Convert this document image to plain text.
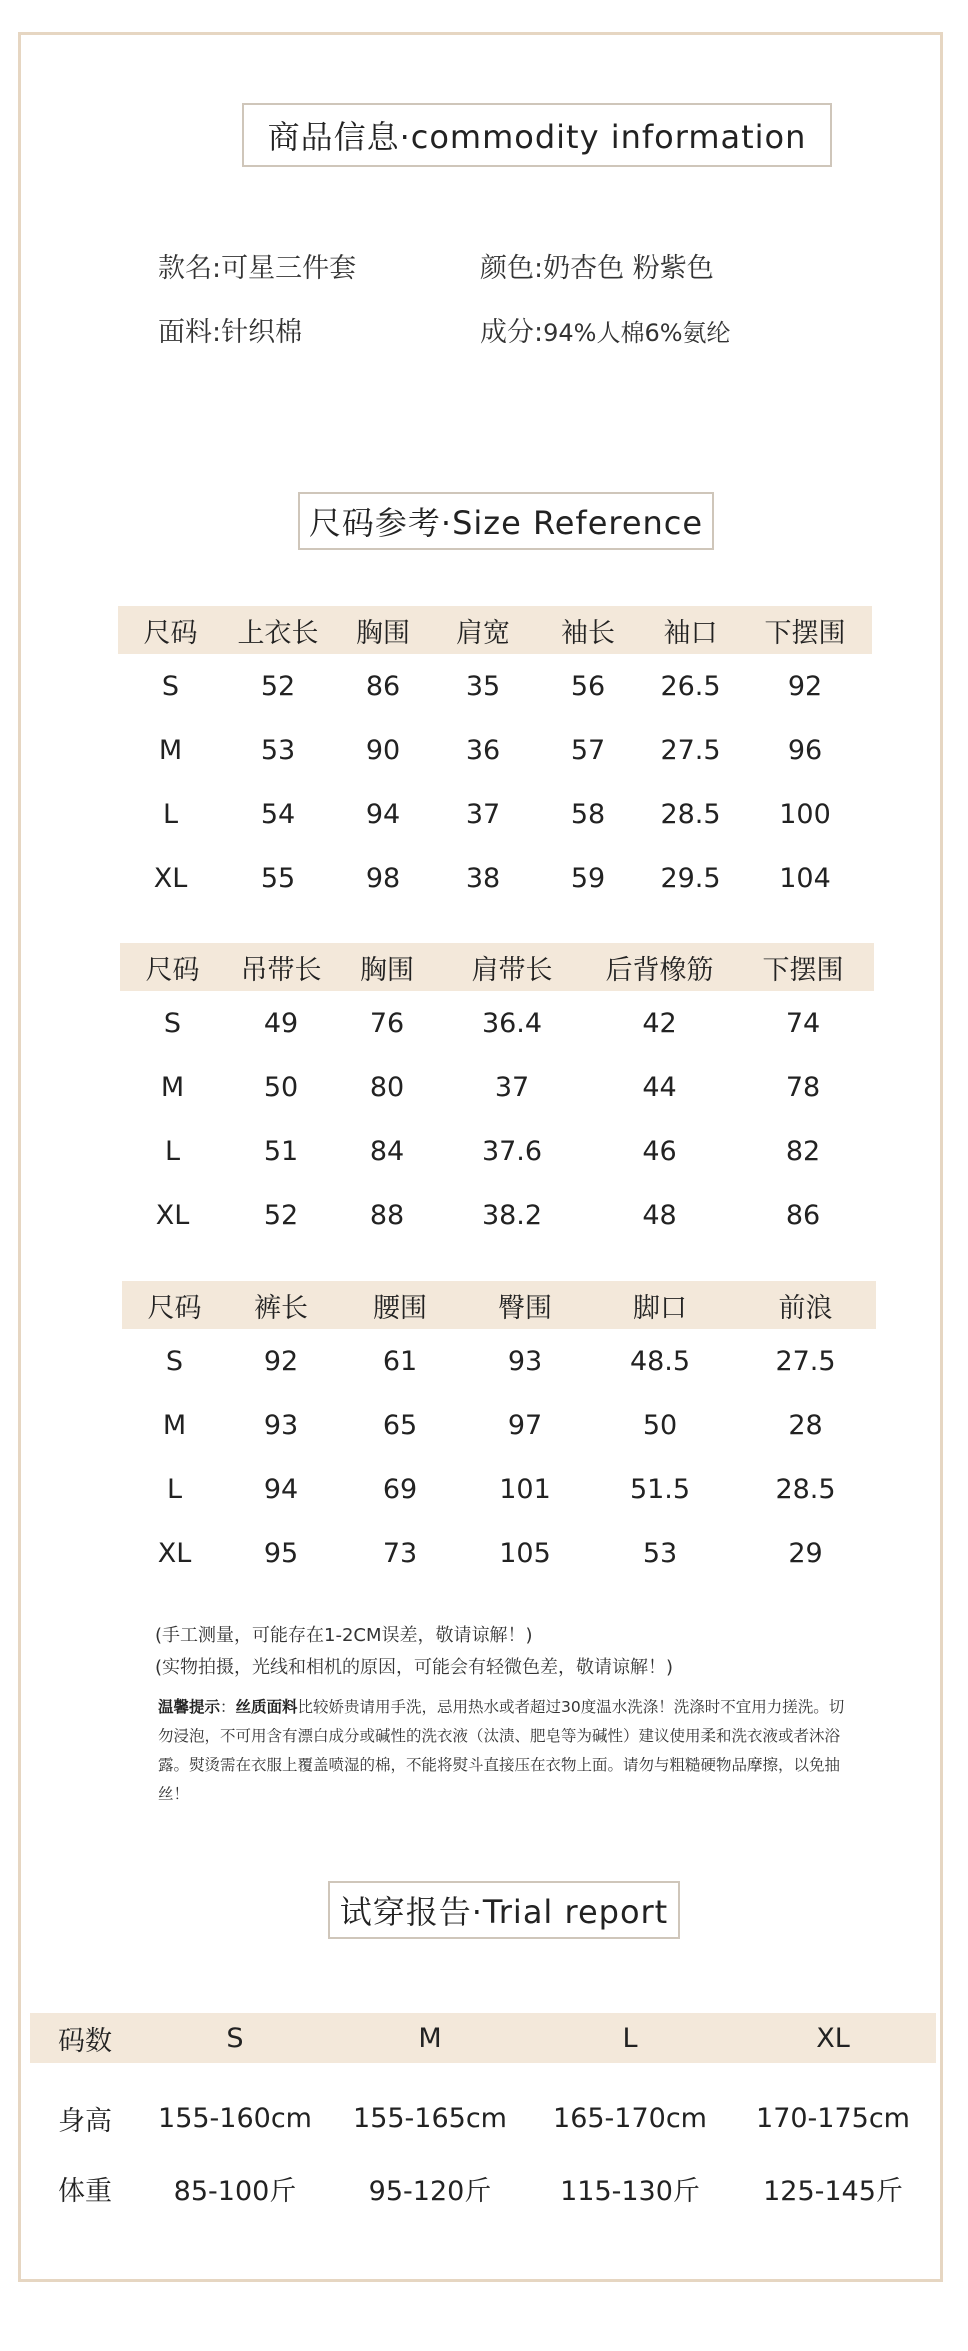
商品信息·commodity information
款名:可星三件套	颜色:奶杏色 粉紫色
面料:针织棉	成分:94%人棉6%氨纶
尺码参考·Size Reference
尺码	上衣长	胸围	肩宽	袖长	袖口	下摆围
S	52	86	35	56	26.5	92
M	53	90	36	57	27.5	96
L	54	94	37	58	28.5	100
XL	55	98	38	59	29.5	104
尺码	吊带长	胸围	肩带长	后背橡筋	下摆围
S	49	76	36.4	42	74
M	50	80	37	44	78
L	51	84	37.6	46	82
XL	52	88	38.2	48	86
尺码	裤长	腰围	臀围	脚口	前浪
S	92	61	93	48.5	27.5
M	93	65	97	50	28
L	94	69	101	51.5	28.5
XL	95	73	105	53	29
(手工测量，可能存在1-2CM误差，敬请谅解！)
(实物拍摄，光线和相机的原因，可能会有轻微色差，敬请谅解！)
温馨提示：丝质面料比较娇贵请用手洗，忌用热水或者超过30度温水洗涤！洗涤时不宜用力搓洗。切勿浸泡，不可用含有漂白成分或碱性的洗衣液（汰渍、肥皂等为碱性）建议使用柔和洗衣液或者沐浴露。熨烫需在衣服上覆盖喷湿的棉，不能将熨斗直接压在衣物上面。请勿与粗糙硬物品摩擦，以免抽丝！
试穿报告·Trial report
码数	S	M	L	XL
身高	155-160cm	155-165cm	165-170cm	170-175cm
体重	85-100斤	95-120斤	115-130斤	125-145斤
